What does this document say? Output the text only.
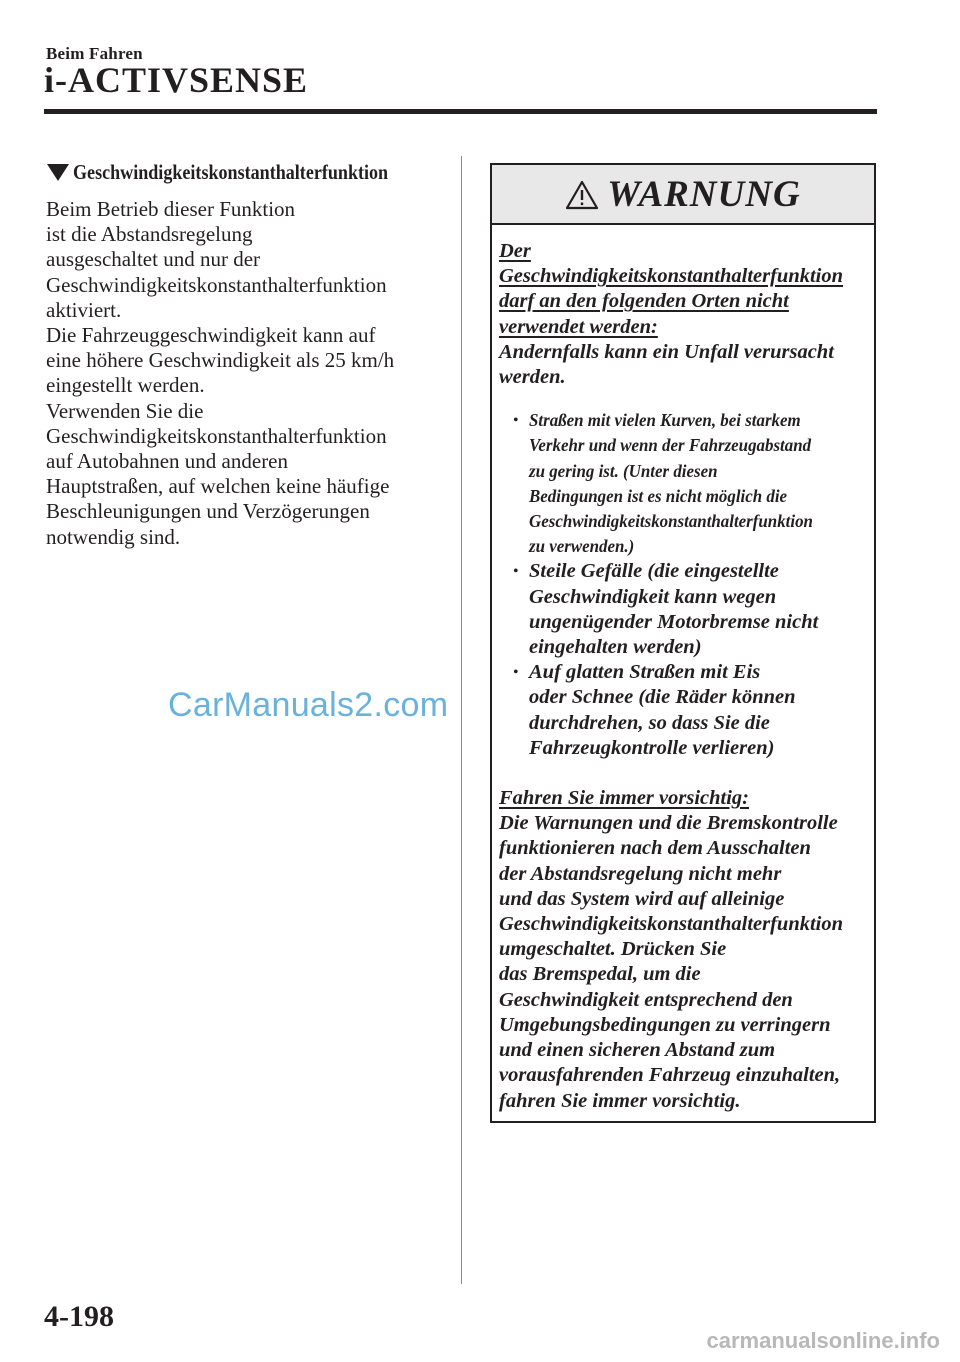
Beim Fahren
i-ACTIVSENSE
Geschwindigkeitskonstanthalterfunktion

Beim Betrieb dieser Funktion
ist die Abstandsregelung
ausgeschaltet und nur der
Geschwindigkeitskonstanthalterfunktion
aktiviert.

Die Fahrzeuggeschwindigkeit kann auf
eine höhere Geschwindigkeit als 25 km/h
eingestellt werden.

Verwenden Sie die
Geschwindigkeitskonstanthalterfunktion
auf Autobahnen und anderen
Hauptstraßen, auf welchen keine häufige
Beschleunigungen und Verzögerungen
notwendig sind.

WARNUNG

Der
Geschwindigkeitskonstanthalterfunktion
darf an den folgenden Orten nicht
verwendet werden:
Andernfalls kann ein Unfall verursacht
werden.

• Straßen mit vielen Kurven, bei starkem
Verkehr und wenn der Fahrzeugabstand
zu gering ist. (Unter diesen
Bedingungen ist es nicht möglich die
Geschwindigkeitskonstanthalterfunktion
zu verwenden.)
• Steile Gefälle (die eingestellte
Geschwindigkeit kann wegen
ungenügender Motorbremse nicht
eingehalten werden)
• Auf glatten Straßen mit Eis
oder Schnee (die Räder können
durchdrehen, so dass Sie die
Fahrzeugkontrolle verlieren)

Fahren Sie immer vorsichtig:
Die Warnungen und die Bremskontrolle
funktionieren nach dem Ausschalten
der Abstandsregelung nicht mehr
und das System wird auf alleinige
Geschwindigkeitskonstanthalterfunktion
umgeschaltet. Drücken Sie
das Bremspedal, um die
Geschwindigkeit entsprechend den
Umgebungsbedingungen zu verringern
und einen sicheren Abstand zum
vorausfahrenden Fahrzeug einzuhalten,
fahren Sie immer vorsichtig.

CarManuals2.com
4-198
carmanualsonline.info
